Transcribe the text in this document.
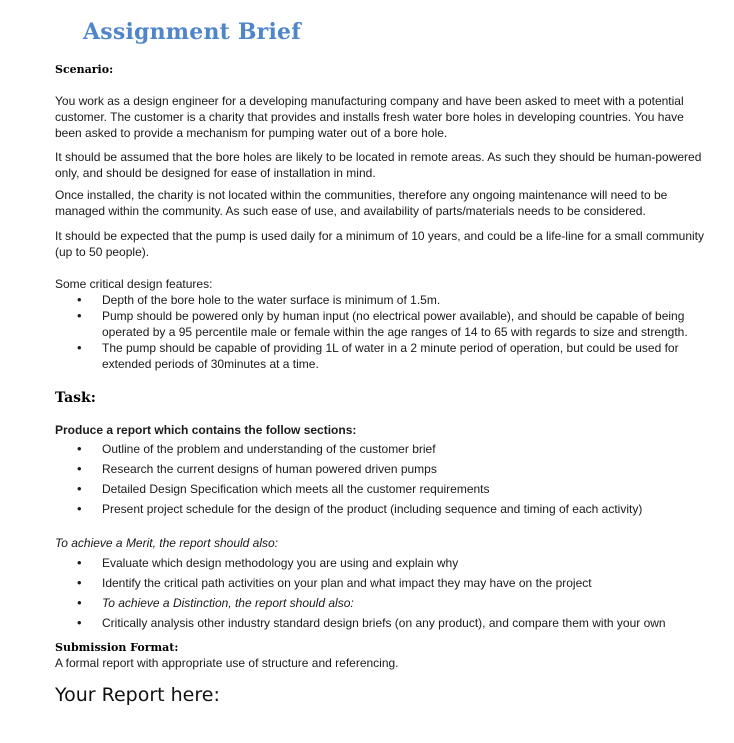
Assignment Brief
Scenario:

You work as a design engineer for a developing manufacturing company and have been asked to meet with a potential customer. The customer is a charity that provides and installs fresh water bore holes in developing countries. You have been asked to provide a mechanism for pumping water out of a bore hole.

It should be assumed that the bore holes are likely to be located in remote areas. As such they should be human-powered only, and should be designed for ease of installation in mind.

Once installed, the charity is not located within the communities, therefore any ongoing maintenance will need to be managed within the community. As such ease of use, and availability of parts/materials needs to be considered.

It should be expected that the pump is used daily for a minimum of 10 years, and could be a life-line for a small community (up to 50 people).

Some critical design features:

• Depth of the bore hole to the water surface is minimum of 1.5m.
• Pump should be powered only by human input (no electrical power available), and should be capable of being operated by a 95 percentile male or female within the age ranges of 14 to 65 with regards to size and strength.
• The pump should be capable of providing 1L of water in a 2 minute period of operation, but could be used for extended periods of 30minutes at a time.
Task:

Produce a report which contains the follow sections:

• Outline of the problem and understanding of the customer brief
• Research the current designs of human powered driven pumps
• Detailed Design Specification which meets all the customer requirements
• Present project schedule for the design of the product (including sequence and timing of each activity)

To achieve a Merit, the report should also:

• Evaluate which design methodology you are using and explain why
• Identify the critical path activities on your plan and what impact they may have on the project
• To achieve a Distinction, the report should also:
• Critically analysis other industry standard design briefs (on any product), and compare them with your own
Submission Format:

A formal report with appropriate use of structure and referencing.

Your Report here:
